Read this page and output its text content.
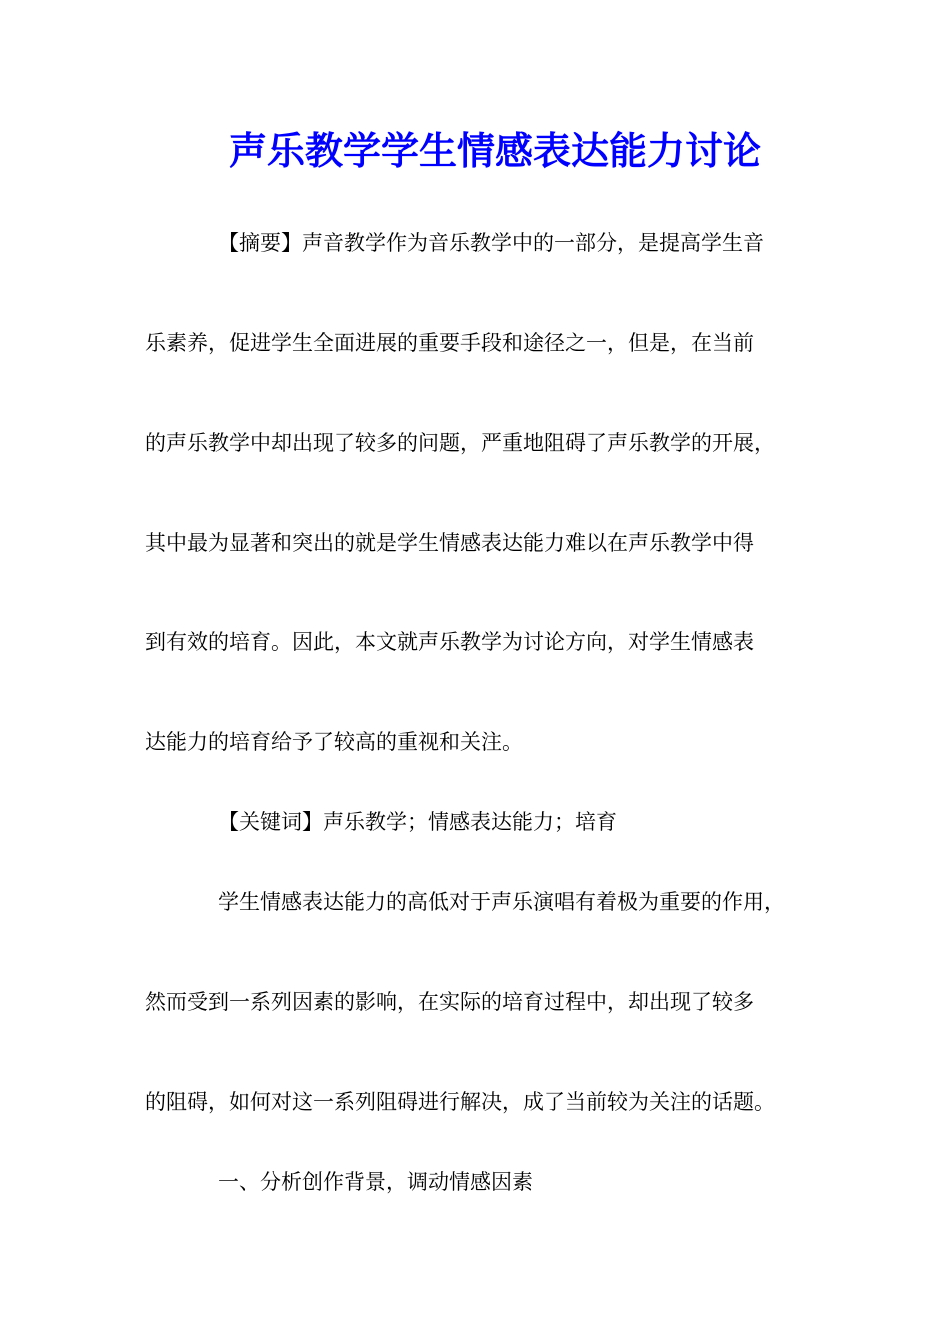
声乐教学学生情感表达能力讨论
【摘要】声音教学作为音乐教学中的一部分，是提高学生音
乐素养，促进学生全面进展的重要手段和途径之一，但是，在当前
的声乐教学中却出现了较多的问题，严重地阻碍了声乐教学的开展，
其中最为显著和突出的就是学生情感表达能力难以在声乐教学中得
到有效的培育。因此，本文就声乐教学为讨论方向，对学生情感表
达能力的培育给予了较高的重视和关注。
【关键词】声乐教学；情感表达能力；培育
学生情感表达能力的高低对于声乐演唱有着极为重要的作用，
然而受到一系列因素的影响，在实际的培育过程中，却出现了较多
的阻碍，如何对这一系列阻碍进行解决，成了当前较为关注的话题。
一、分析创作背景，调动情感因素
